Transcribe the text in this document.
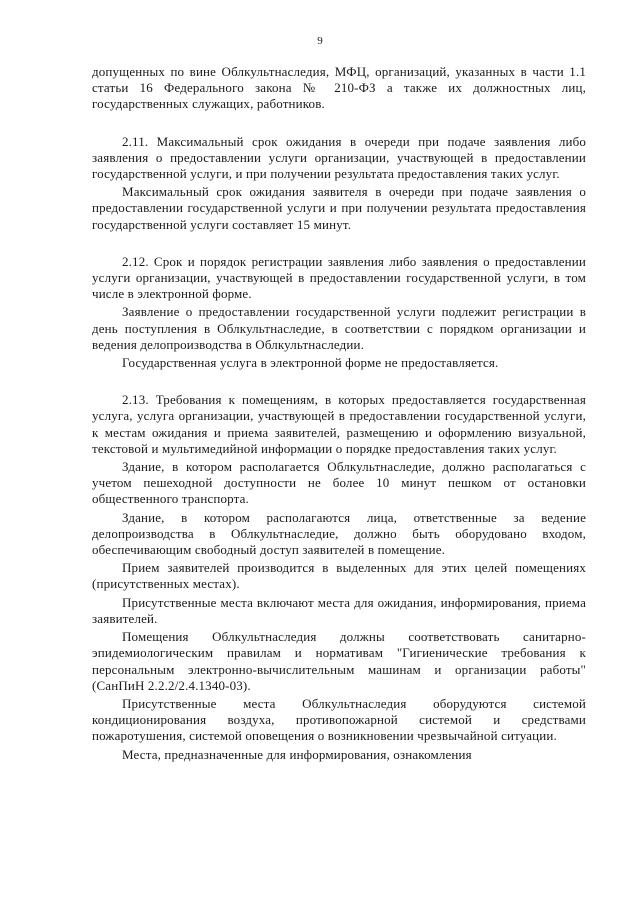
9

допущенных по вине Облкультнаследия, МФЦ, организаций, указанных в части 1.1 статьи 16 Федерального закона № 210-ФЗ а также их должностных лиц, государственных служащих, работников.

2.11. Максимальный срок ожидания в очереди при подаче заявления либо заявления о предоставлении услуги организации, участвующей в предоставлении государственной услуги, и при получении результата предоставления таких услуг.

Максимальный срок ожидания заявителя в очереди при подаче заявления о предоставлении государственной услуги и при получении результата предоставления государственной услуги составляет 15 минут.

2.12. Срок и порядок регистрации заявления либо заявления о предоставлении услуги организации, участвующей в предоставлении государственной услуги, в том числе в электронной форме.

Заявление о предоставлении государственной услуги подлежит регистрации в день поступления в Облкультнаследие, в соответствии с порядком организации и ведения делопроизводства в Облкультнаследии.

Государственная услуга в электронной форме не предоставляется.

2.13. Требования к помещениям, в которых предоставляется государственная услуга, услуга организации, участвующей в предоставлении государственной услуги, к местам ожидания и приема заявителей, размещению и оформлению визуальной, текстовой и мультимедийной информации о порядке предоставления таких услуг.

Здание, в котором располагается Облкультнаследие, должно располагаться с учетом пешеходной доступности не более 10 минут пешком от остановки общественного транспорта.

Здание, в котором располагаются лица, ответственные за ведение делопроизводства в Облкультнаследие, должно быть оборудовано входом, обеспечивающим свободный доступ заявителей в помещение.

Прием заявителей производится в выделенных для этих целей помещениях (присутственных местах).

Присутственные места включают места для ожидания, информирования, приема заявителей.

Помещения Облкультнаследия должны соответствовать санитарно-эпидемиологическим правилам и нормативам "Гигиенические требования к персональным электронно-вычислительным машинам и организации работы" (СанПиН 2.2.2/2.4.1340-03).

Присутственные места Облкультнаследия оборудуются системой кондиционирования воздуха, противопожарной системой и средствами пожаротушения, системой оповещения о возникновении чрезвычайной ситуации.

Места, предназначенные для информирования, ознакомления
